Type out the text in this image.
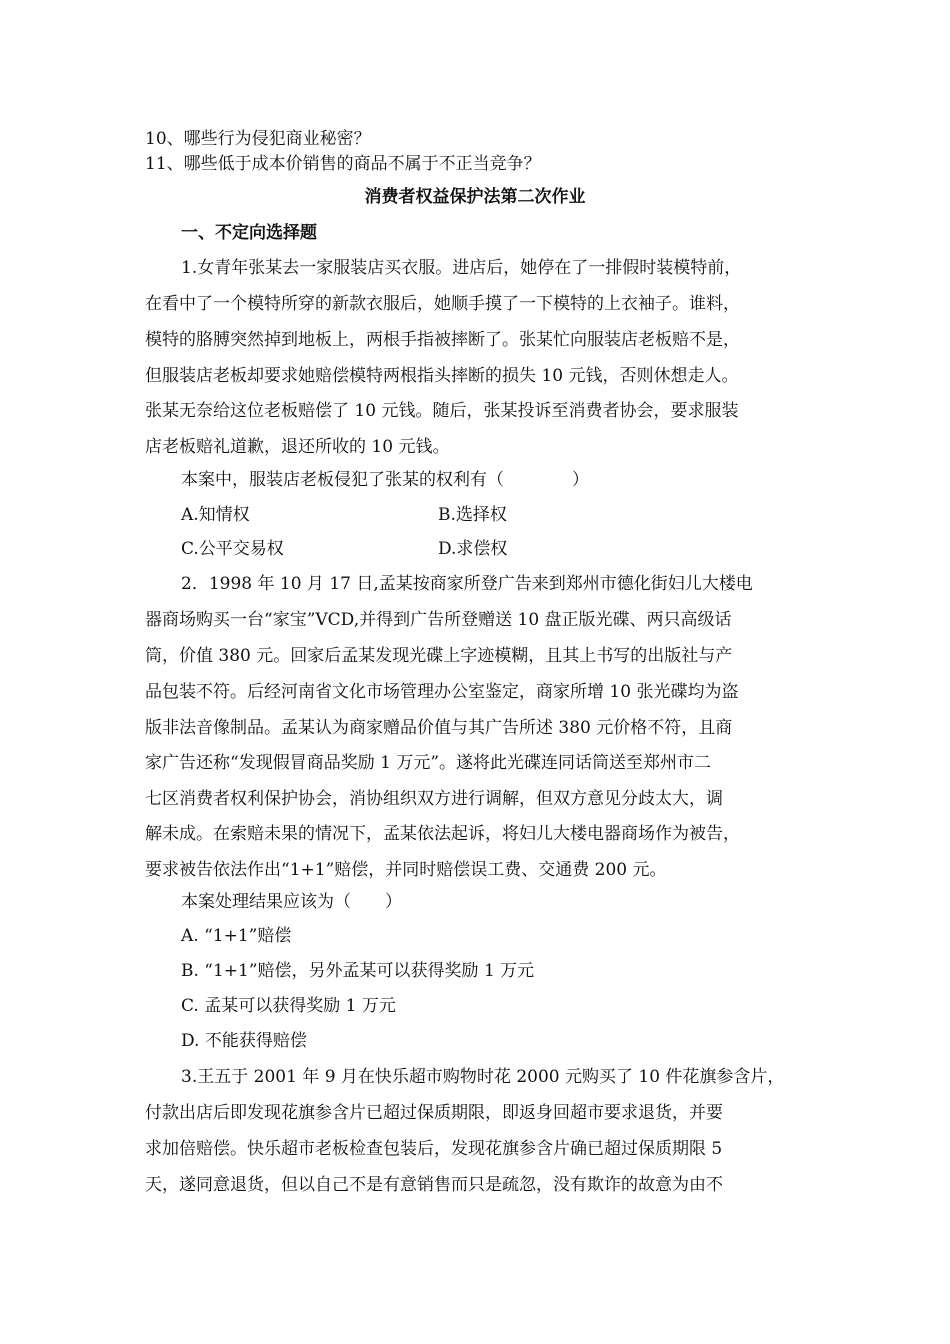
10、哪些行为侵犯商业秘密？
11、哪些低于成本价销售的商品不属于不正当竞争？
消费者权益保护法第二次作业
一、不定向选择题
1.女青年张某去一家服装店买衣服。进店后，她停在了一排假时装模特前，
在看中了一个模特所穿的新款衣服后，她顺手摸了一下模特的上衣袖子。谁料，
模特的胳膊突然掉到地板上，两根手指被摔断了。张某忙向服装店老板赔不是，
但服装店老板却要求她赔偿模特两根指头摔断的损失 10 元钱，否则休想走人。
张某无奈给这位老板赔偿了 10 元钱。随后，张某投诉至消费者协会，要求服装
店老板赔礼道歉，退还所收的 10 元钱。
本案中，服装店老板侵犯了张某的权利有（　　　　）
A.知情权	B.选择权
C.公平交易权	D.求偿权
2．1998 年 10 月 17 日,孟某按商家所登广告来到郑州市德化街妇儿大楼电
器商场购买一台“家宝”VCD,并得到广告所登赠送 10 盘正版光碟、两只高级话
筒，价值 380 元。回家后孟某发现光碟上字迹模糊，且其上书写的出版社与产
品包装不符。后经河南省文化市场管理办公室鉴定，商家所增 10 张光碟均为盗
版非法音像制品。孟某认为商家赠品价值与其广告所述 380 元价格不符，且商
家广告还称“发现假冒商品奖励 1 万元”。遂将此光碟连同话筒送至郑州市二
七区消费者权利保护协会，消协组织双方进行调解，但双方意见分歧太大，调
解未成。在索赔未果的情况下，孟某依法起诉，将妇儿大楼电器商场作为被告，
要求被告依法作出“1+1”赔偿，并同时赔偿误工费、交通费 200 元。
本案处理结果应该为（　　）
A. “1+1”赔偿
B. “1+1”赔偿，另外孟某可以获得奖励 1 万元
C. 孟某可以获得奖励 1 万元
D. 不能获得赔偿
3.王五于 2001 年 9 月在快乐超市购物时花 2000 元购买了 10 件花旗参含片，
付款出店后即发现花旗参含片已超过保质期限，即返身回超市要求退货，并要
求加倍赔偿。快乐超市老板检查包装后，发现花旗参含片确已超过保质期限 5
天，遂同意退货，但以自己不是有意销售而只是疏忽，没有欺诈的故意为由不
